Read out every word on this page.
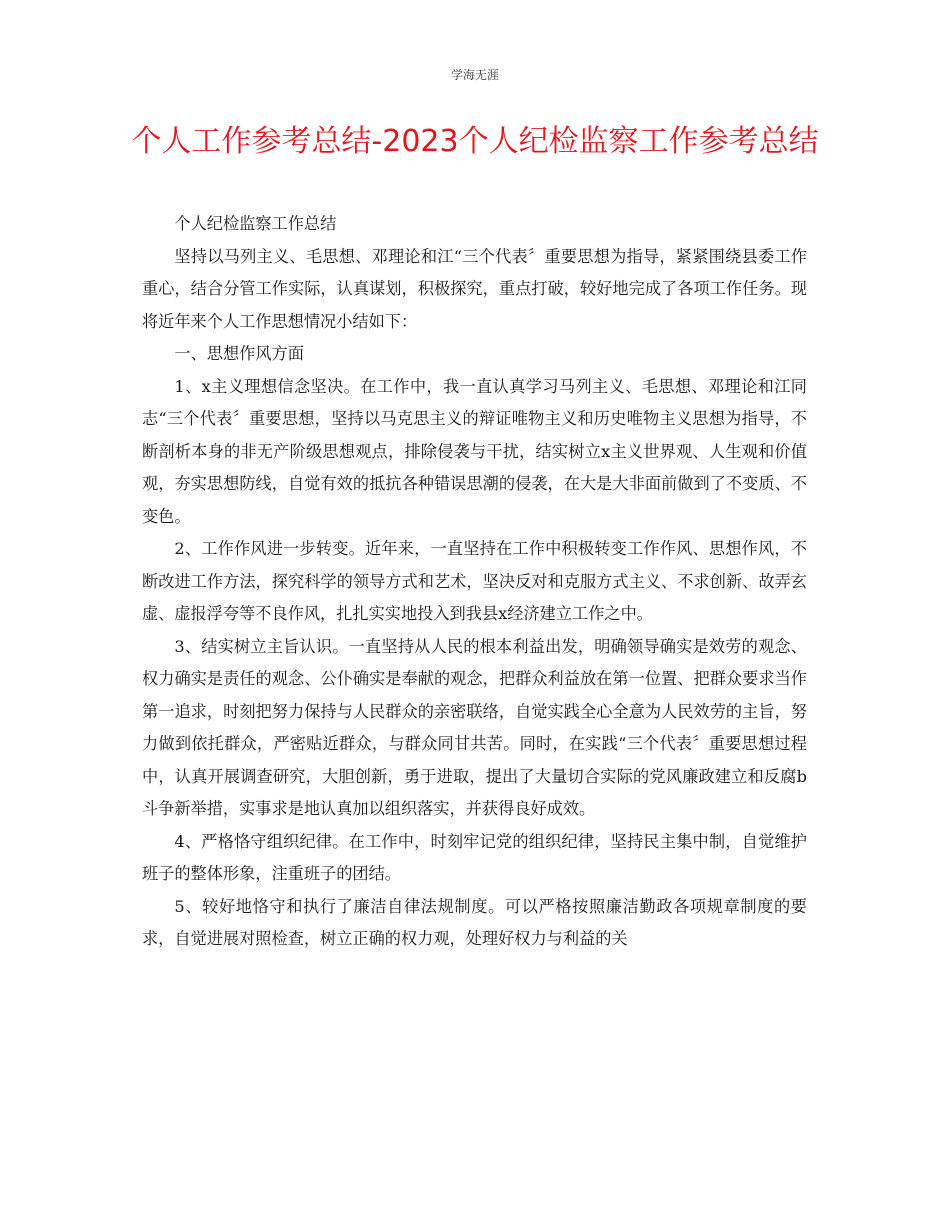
学海无涯
个人工作参考总结-2023个人纪检监察工作参考总结

个人纪检监察工作总结

坚持以马列主义、毛思想、邓理论和江“三个代表〞重要思想为指导，紧紧围绕县委工作重心，结合分管工作实际，认真谋划，积极探究，重点打破，较好地完成了各项工作任务。现将近年来个人工作思想情况小结如下：

一、思想作风方面

1、x主义理想信念坚决。在工作中，我一直认真学习马列主义、毛思想、邓理论和江同志“三个代表〞重要思想，坚持以马克思主义的辩证唯物主义和历史唯物主义思想为指导，不断剖析本身的非无产阶级思想观点，排除侵袭与干扰，结实树立x主义世界观、人生观和价值观，夯实思想防线，自觉有效的抵抗各种错误思潮的侵袭，在大是大非面前做到了不变质、不变色。

2、工作作风进一步转变。近年来，一直坚持在工作中积极转变工作作风、思想作风，不断改进工作方法，探究科学的领导方式和艺术，坚决反对和克服方式主义、不求创新、故弄玄虚、虚报浮夸等不良作风，扎扎实实地投入到我县x经济建立工作之中。

3、结实树立主旨认识。一直坚持从人民的根本利益出发，明确领导确实是效劳的观念、权力确实是责任的观念、公仆确实是奉献的观念，把群众利益放在第一位置、把群众要求当作第一追求，时刻把努力保持与人民群众的亲密联络，自觉实践全心全意为人民效劳的主旨，努力做到依托群众，严密贴近群众，与群众同甘共苦。同时，在实践“三个代表〞重要思想过程中，认真开展调查研究，大胆创新，勇于进取，提出了大量切合实际的党风廉政建立和反腐b斗争新举措，实事求是地认真加以组织落实，并获得良好成效。

4、严格恪守组织纪律。在工作中，时刻牢记党的组织纪律，坚持民主集中制，自觉维护班子的整体形象，注重班子的团结。

5、较好地恪守和执行了廉洁自律法规制度。可以严格按照廉洁勤政各项规章制度的要求，自觉进展对照检查，树立正确的权力观，处理好权力与利益的关
